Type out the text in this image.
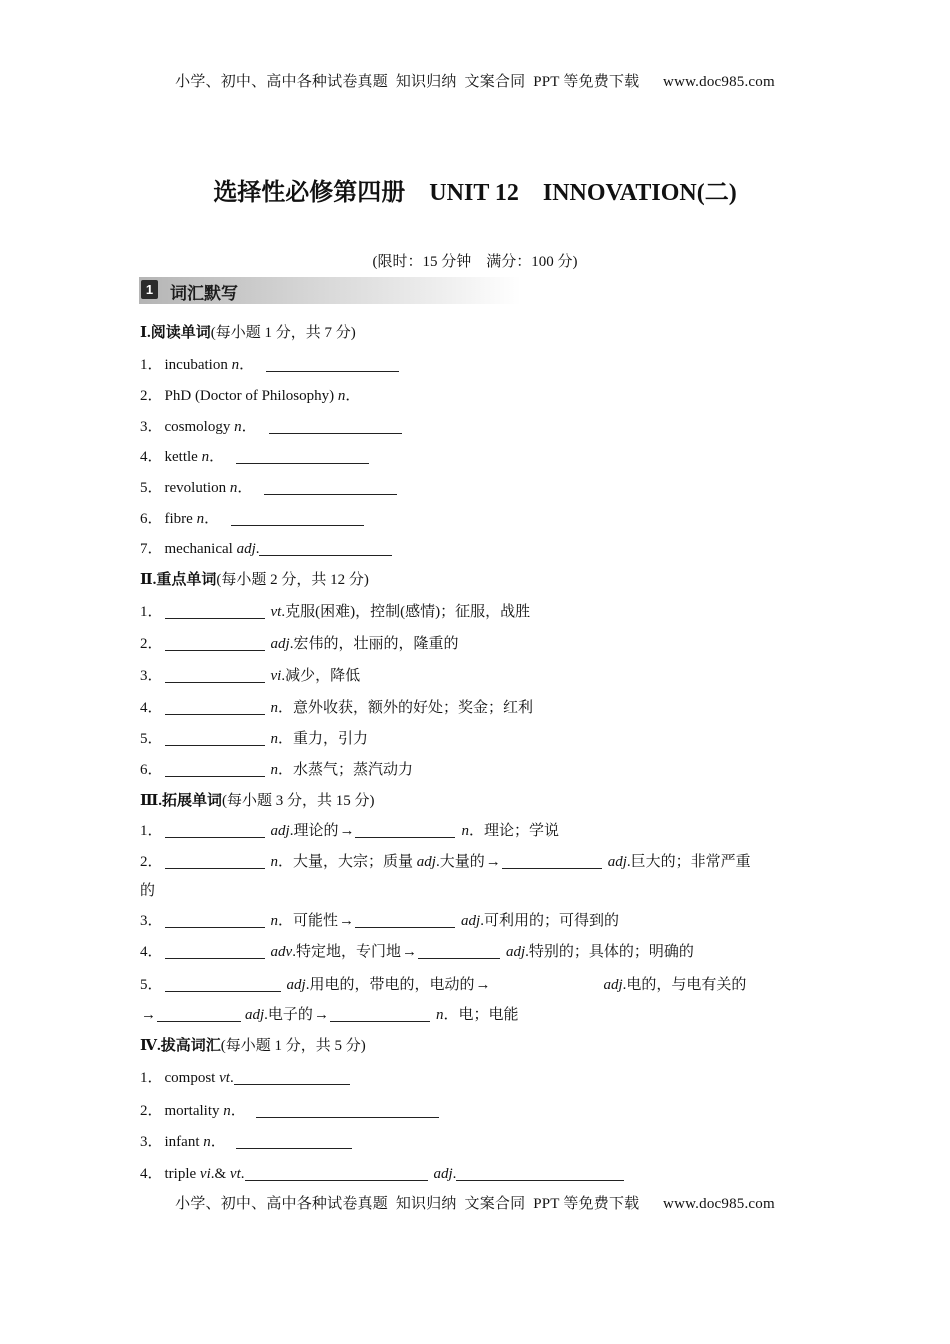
小学、初中、高中各种试卷真题  知识归纳  文案合同  PPT 等免费下载      www.doc985.com
选择性必修第四册    UNIT 12    INNOVATION(二)
(限时：15 分钟    满分：100 分)
1 词汇默写
Ⅰ.阅读单词(每小题 1 分，共 7 分)
1． incubation n．
2． PhD (Doctor of Philosophy) n．
3． cosmology n．
4． kettle n．
5． revolution n．
6． fibre n．
7． mechanical adj.
Ⅱ.重点单词(每小题 2 分，共 12 分)
1．	vt.克服(困难)，控制(感情)；征服，战胜
2．	adj.宏伟的，壮丽的，隆重的
3．	vi.减少，降低
4．	n．意外收获，额外的好处；奖金；红利
5．	n．重力，引力
6．	n．水蒸气；蒸汽动力
Ⅲ.拓展单词(每小题 3 分，共 15 分)
1．	adj.理论的→	n．理论；学说
2．	n．大量，大宗；质量 adj.大量的→	adj.巨大的；非常严重
的
3．	n．可能性→	adj.可利用的；可得到的
4．	adv.特定地，专门地→	adj.特别的；具体的；明确的
5．	adj.用电的，带电的，电动的→	adj.电的，与电有关的
→	adj.电子的→	n．电；电能
Ⅳ.拔高词汇(每小题 1 分，共 5 分)
1． compost vt.
2． mortality n．
3． infant n．
4． triple vi.& vt.	adj.
小学、初中、高中各种试卷真题  知识归纳  文案合同  PPT 等免费下载      www.doc985.com
